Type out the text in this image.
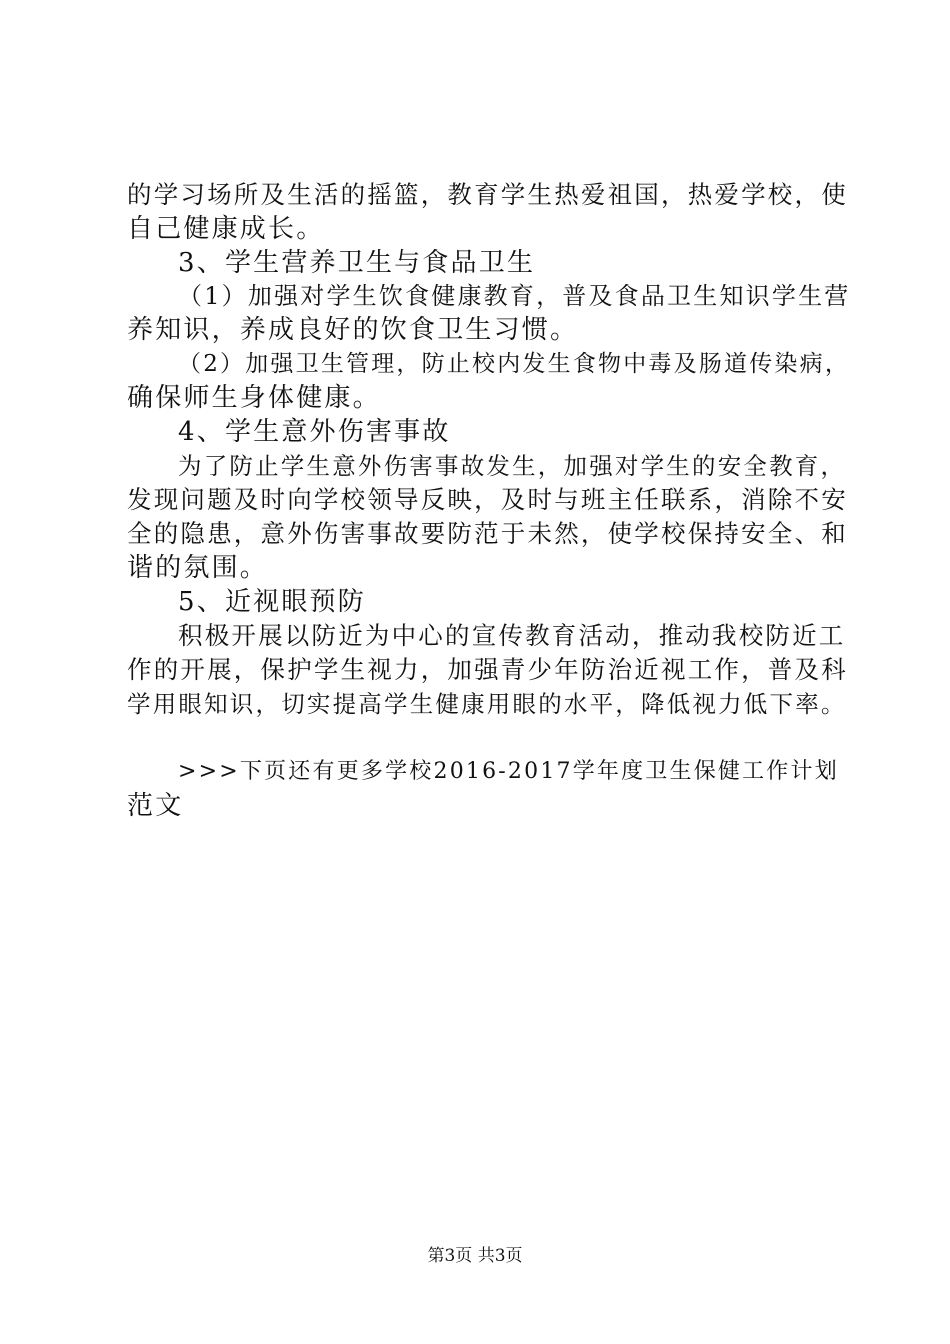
的学习场所及生活的摇篮，教育学生热爱祖国，热爱学校，使
自己健康成长。
3、学生营养卫生与食品卫生
（1）加强对学生饮食健康教育，普及食品卫生知识学生营
养知识，养成良好的饮食卫生习惯。
（2）加强卫生管理，防止校内发生食物中毒及肠道传染病，
确保师生身体健康。
4、学生意外伤害事故
为了防止学生意外伤害事故发生，加强对学生的安全教育，
发现问题及时向学校领导反映，及时与班主任联系，消除不安
全的隐患，意外伤害事故要防范于未然，使学校保持安全、和
谐的氛围。
5、近视眼预防
积极开展以防近为中心的宣传教育活动，推动我校防近工
作的开展，保护学生视力，加强青少年防治近视工作，普及科
学用眼知识，切实提高学生健康用眼的水平，降低视力低下率。
>>>下页还有更多学校2016-2017学年度卫生保健工作计划
范文
第3页 共3页
